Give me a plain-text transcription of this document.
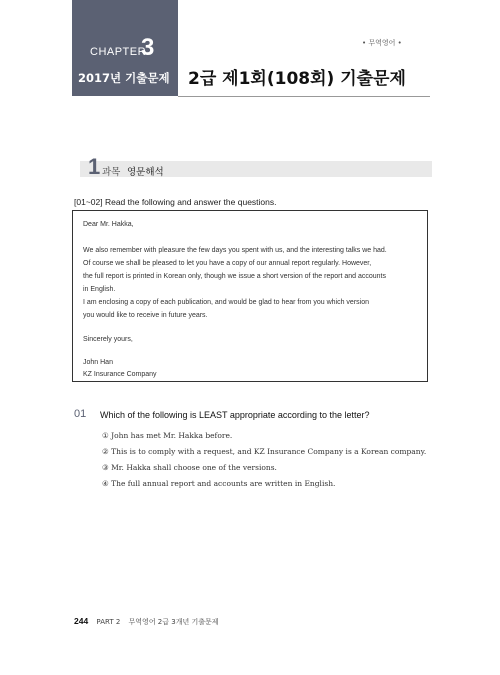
CHAPTER
3
2017년 기출문제
• 무역영어 •
2급 제1회(108회) 기출문제
1 과목 영문해석
[01~02] Read the following and answer the questions.
Dear Mr. Hakka,
We also remember with pleasure the few days you spent with us, and the interesting talks we had.
Of course we shall be pleased to let you have a copy of our annual report regularly. However,
the full report is printed in Korean only, though we issue a short version of the report and accounts
in English.
I am enclosing a copy of each publication, and would be glad to hear from you which version
you would like to receive in future years.
Sincerely yours,
John Han
KZ Insurance Company
01 Which of the following is LEAST appropriate according to the letter?
① John has met Mr. Hakka before.
② This is to comply with a request, and KZ Insurance Company is a Korean company.
③ Mr. Hakka shall choose one of the versions.
④ The full annual report and accounts are written in English.
244 PART 2 무역영어 2급 3개년 기출문제
